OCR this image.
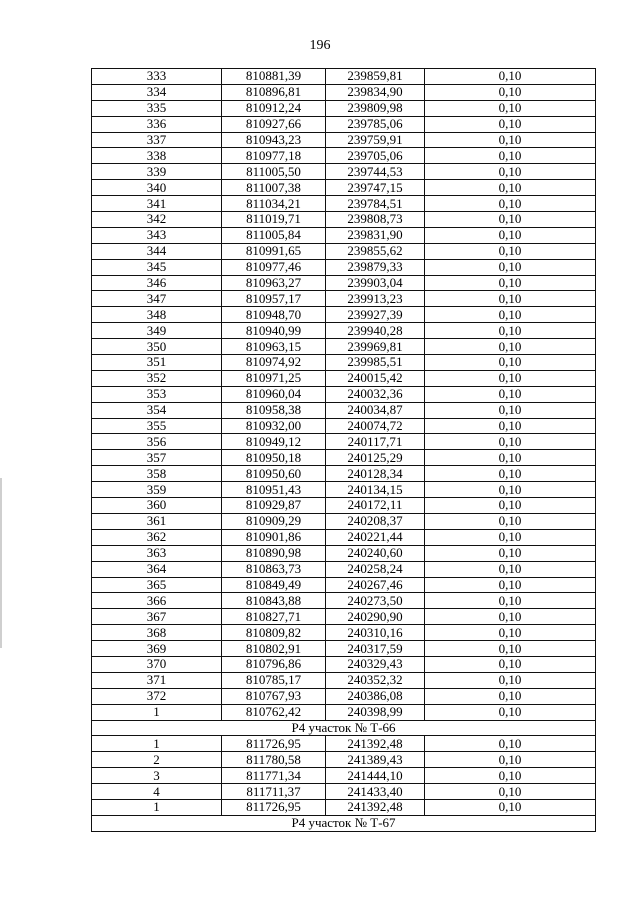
196
333	810881,39	239859,81	0,10
334	810896,81	239834,90	0,10
335	810912,24	239809,98	0,10
336	810927,66	239785,06	0,10
337	810943,23	239759,91	0,10
338	810977,18	239705,06	0,10
339	811005,50	239744,53	0,10
340	811007,38	239747,15	0,10
341	811034,21	239784,51	0,10
342	811019,71	239808,73	0,10
343	811005,84	239831,90	0,10
344	810991,65	239855,62	0,10
345	810977,46	239879,33	0,10
346	810963,27	239903,04	0,10
347	810957,17	239913,23	0,10
348	810948,70	239927,39	0,10
349	810940,99	239940,28	0,10
350	810963,15	239969,81	0,10
351	810974,92	239985,51	0,10
352	810971,25	240015,42	0,10
353	810960,04	240032,36	0,10
354	810958,38	240034,87	0,10
355	810932,00	240074,72	0,10
356	810949,12	240117,71	0,10
357	810950,18	240125,29	0,10
358	810950,60	240128,34	0,10
359	810951,43	240134,15	0,10
360	810929,87	240172,11	0,10
361	810909,29	240208,37	0,10
362	810901,86	240221,44	0,10
363	810890,98	240240,60	0,10
364	810863,73	240258,24	0,10
365	810849,49	240267,46	0,10
366	810843,88	240273,50	0,10
367	810827,71	240290,90	0,10
368	810809,82	240310,16	0,10
369	810802,91	240317,59	0,10
370	810796,86	240329,43	0,10
371	810785,17	240352,32	0,10
372	810767,93	240386,08	0,10
1	810762,42	240398,99	0,10
Р4 участок № Т-66			
1	811726,95	241392,48	0,10
2	811780,58	241389,43	0,10
3	811771,34	241444,10	0,10
4	811711,37	241433,40	0,10
1	811726,95	241392,48	0,10
Р4 участок № Т-67			
